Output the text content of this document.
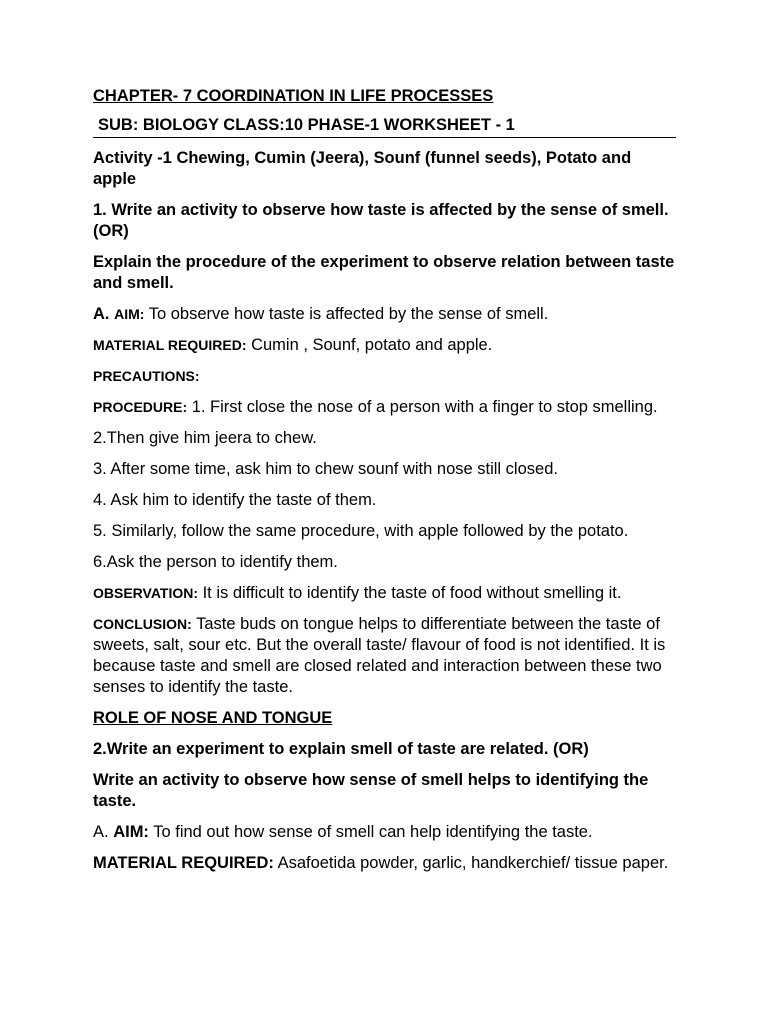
CHAPTER- 7 COORDINATION IN LIFE PROCESSES

SUB: BIOLOGY CLASS:10 PHASE-1 WORKSHEET - 1

Activity -1 Chewing, Cumin (Jeera), Sounf (funnel seeds), Potato and apple

1. Write an activity to observe how taste is affected by the sense of smell. (OR)

Explain the procedure of the experiment to observe relation between taste and smell.

A. AIM: To observe how taste is affected by the sense of smell.

MATERIAL REQUIRED: Cumin , Sounf, potato and apple.

PRECAUTIONS:

PROCEDURE: 1. First close the nose of a person with a finger to stop smelling.

2.Then give him jeera to chew.

3. After some time, ask him to chew sounf with nose still closed.

4. Ask him to identify the taste of them.

5. Similarly, follow the same procedure, with apple followed by the potato.

6.Ask the person to identify them.

OBSERVATION: It is difficult to identify the taste of food without smelling it.

CONCLUSION: Taste buds on tongue helps to differentiate between the taste of sweets, salt, sour etc. But the overall taste/ flavour of food is not identified. It is because taste and smell are closed related and interaction between these two senses to identify the taste.

ROLE OF NOSE AND TONGUE

2.Write an experiment to explain smell of taste are related. (OR)

Write an activity to observe how sense of smell helps to identifying the taste.

A. AIM: To find out how sense of smell can help identifying the taste.

MATERIAL REQUIRED: Asafoetida powder, garlic, handkerchief/ tissue paper.
